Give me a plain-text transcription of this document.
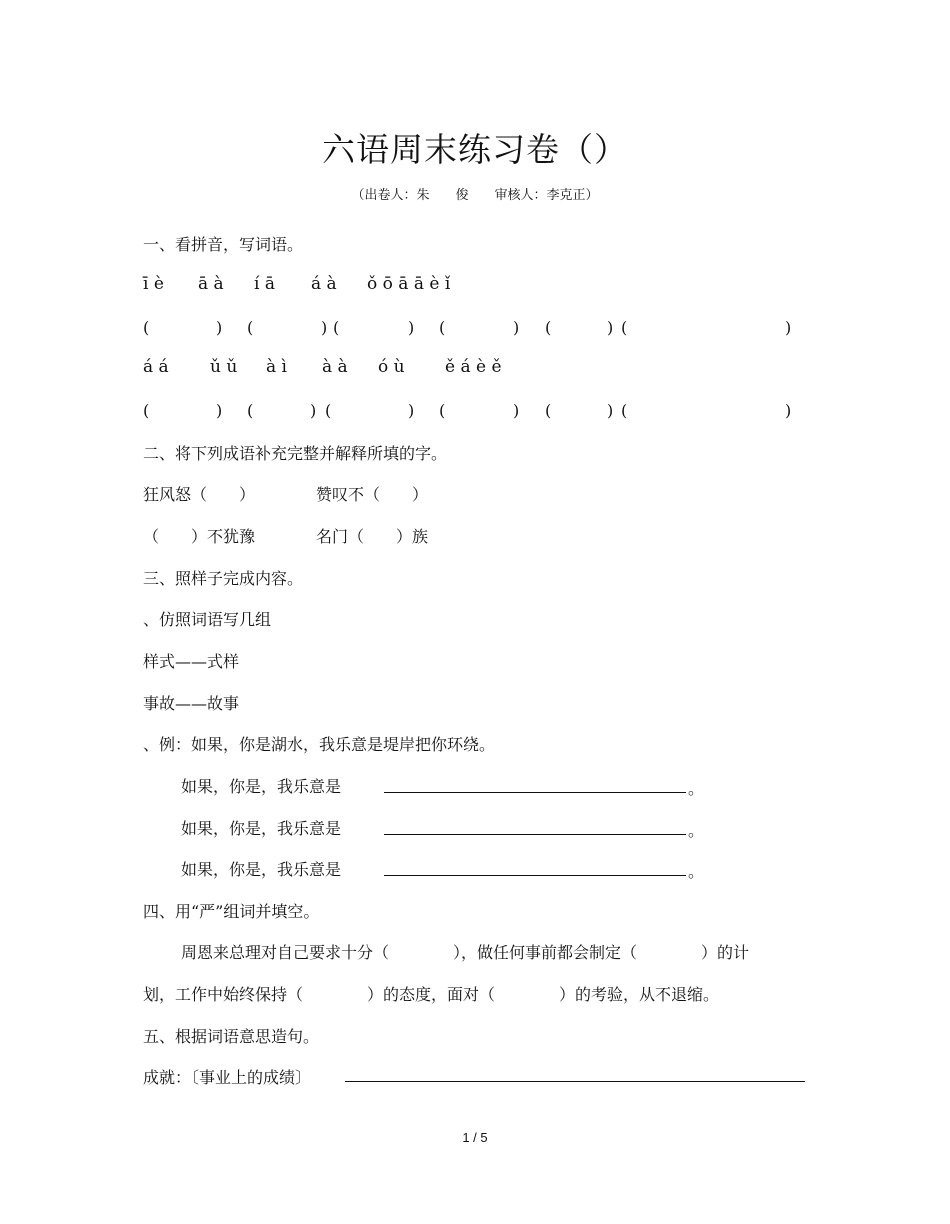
六语周末练习卷（）
（出卷人：朱　　俊　　审核人：李克正）
一、看拼音，写词语。
ī è ā à í ā á à ǒ ō ā ā è ǐ
(	) (	) (	) (	) (	) (	)
á á ǔ ǔ à ì à à ó ù ě á è ě
(	) (	) (	) (	) (	) (	)
二、将下列成语补充完整并解释所填的字。
狂风怒（　　）	赞叹不（　　）
（　　）不犹豫	名门（　　）族
三、照样子完成内容。
、仿照词语写几组
样式——式样
事故——故事
、例：如果，你是湖水，我乐意是堤岸把你环绕。
如果，你是，我乐意是	。
如果，你是，我乐意是	。
如果，你是，我乐意是	。
四、用“严”组词并填空。
周恩来总理对自己要求十分（　　　　），做任何事前都会制定（　　　　）的计
划，工作中始终保持（　　　　）的态度，面对（　　　　）的考验，从不退缩。
五、根据词语意思造句。
成就：〔事业上的成绩〕
1 / 5
